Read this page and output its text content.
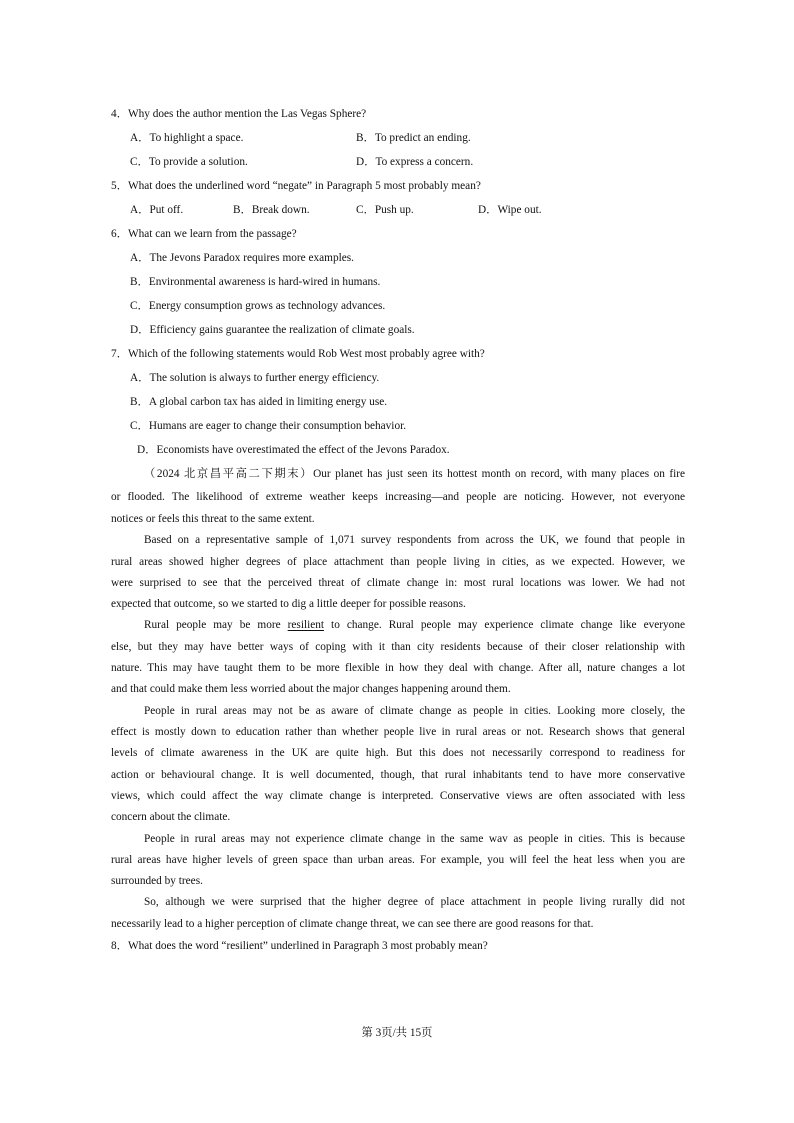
4．Why does the author mention the Las Vegas Sphere?
A．To highlight a space.	B．To predict an ending.
C．To provide a solution.	D．To express a concern.
5．What does the underlined word “negate” in Paragraph 5 most probably mean?
A．Put off.	B．Break down.	C．Push up.	D．Wipe out.
6．What can we learn from the passage?
A．The Jevons Paradox requires more examples.
B．Environmental awareness is hard-wired in humans.
C．Energy consumption grows as technology advances.
D．Efficiency gains guarantee the realization of climate goals.
7．Which of the following statements would Rob West most probably agree with?
A．The solution is always to further energy efficiency.
B．A global carbon tax has aided in limiting energy use.
C．Humans are eager to change their consumption behavior.
D．Economists have overestimated the effect of the Jevons Paradox.
（2024 北京昌平高二下期末）Our planet has just seen its hottest month on record, with many places on fire
or flooded. The likelihood of extreme weather keeps increasing—and people are noticing. However, not everyone
notices or feels this threat to the same extent.
Based on a representative sample of 1,071 survey respondents from across the UK, we found that people in
rural areas showed higher degrees of place attachment than people living in cities, as we expected. However, we
were surprised to see that the perceived threat of climate change in: most rural locations was lower. We had not
expected that outcome, so we started to dig a little deeper for possible reasons.
Rural people may be more resilient to change. Rural people may experience climate change like everyone
else, but they may have better ways of coping with it than city residents because of their closer relationship with
nature. This may have taught them to be more flexible in how they deal with change. After all, nature changes a lot
and that could make them less worried about the major changes happening around them.
People in rural areas may not be as aware of climate change as people in cities. Looking more closely, the
effect is mostly down to education rather than whether people live in rural areas or not. Research shows that general
levels of climate awareness in the UK are quite high. But this does not necessarily correspond to readiness for
action or behavioural change. It is well documented, though, that rural inhabitants tend to have more conservative
views, which could affect the way climate change is interpreted. Conservative views are often associated with less
concern about the climate.
People in rural areas may not experience climate change in the same wav as people in cities. This is because
rural areas have higher levels of green space than urban areas. For example, you will feel the heat less when you are
surrounded by trees.
So, although we were surprised that the higher degree of place attachment in people living rurally did not
necessarily lead to a higher perception of climate change threat, we can see there are good reasons for that.
8．What does the word “resilient” underlined in Paragraph 3 most probably mean?
第 3页/共 15页
